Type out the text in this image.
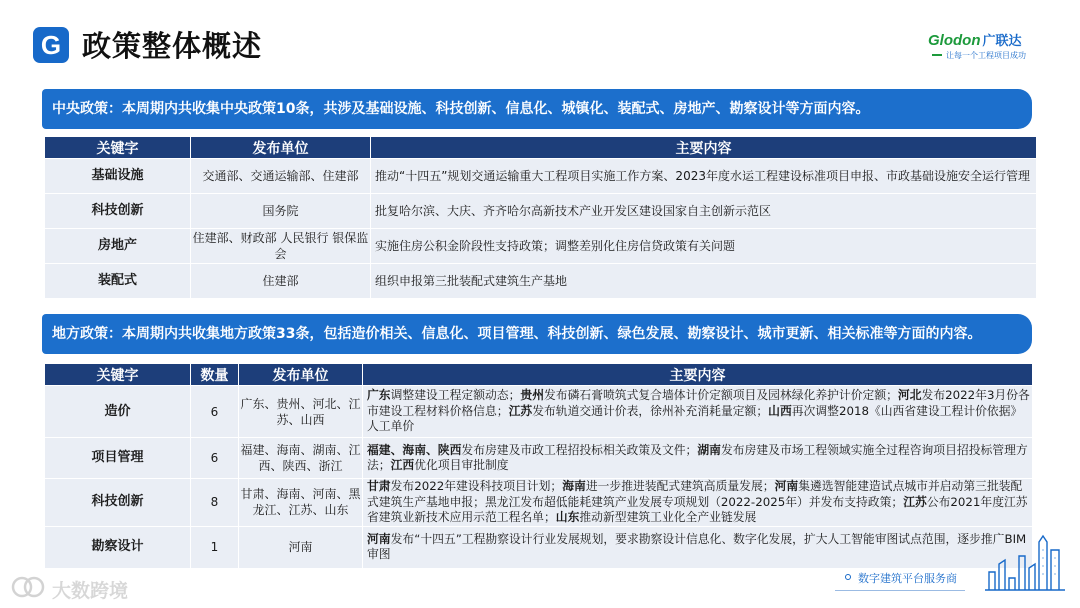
G 政策整体概述	Glodon 广联达
让每一个工程项目成功
中央政策：本周期内共收集中央政策10条，共涉及基础设施、科技创新、信息化、城镇化、装配式、房地产、勘察设计等方面内容。
关键字	发布单位	主要内容
基础设施	交通部、交通运输部、住建部	推动“十四五”规划交通运输重大工程项目实施工作方案、2023年度水运工程建设标准项目申报、市政基础设施安全运行管理
科技创新	国务院	批复哈尔滨、大庆、齐齐哈尔高新技术产业开发区建设国家自主创新示范区
房地产	住建部、财政部 人民银行 银保监会	实施住房公积金阶段性支持政策；调整差别化住房信贷政策有关问题
装配式	住建部	组织申报第三批装配式建筑生产基地
地方政策：本周期内共收集地方政策33条，包括造价相关、信息化、项目管理、科技创新、绿色发展、勘察设计、城市更新、相关标准等方面的内容。
关键字	数量	发布单位	主要内容
造价	6	广东、贵州、河北、江苏、山西	广东调整建设工程定额动态；贵州发布磷石膏喷筑式复合墙体计价定额项目及园林绿化养护计价定额；河北发布2022年3月份各市建设工程材料价格信息；江苏发布轨道交通计价表，徐州补充消耗量定额；山西再次调整2018《山西省建设工程计价依据》人工单价
项目管理	6	福建、海南、湖南、江西、陕西、浙江	福建、海南、陕西发布房建及市政工程招投标相关政策及文件；湖南发布房建及市场工程领域实施全过程咨询项目招投标管理方法；江西优化项目审批制度
科技创新	8	甘肃、海南、河南、黑龙江、江苏、山东	甘肃发布2022年建设科技项目计划；海南进一步推进装配式建筑高质量发展；河南集遴选智能建造试点城市并启动第三批装配式建筑生产基地申报；黑龙江发布超低能耗建筑产业发展专项规划（2022-2025年）并发布支持政策；江苏公布2021年度江苏省建筑业新技术应用示范工程名单；山东推动新型建筑工业化全产业链发展
勘察设计	1	河南	河南发布“十四五”工程勘察设计行业发展规划，要求勘察设计信息化、数字化发展，扩大人工智能审图试点范围，逐步推广BIM审图
大数跨境
数字建筑平台服务商
